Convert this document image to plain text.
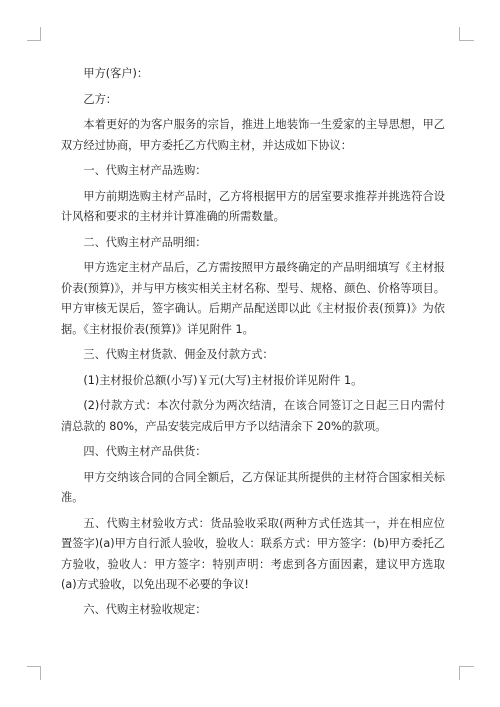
甲方(客户)：

乙方：

本着更好的为客户服务的宗旨，推进上地装饰一生爱家的主导思想，甲乙双方经过协商，甲方委托乙方代购主材，并达成如下协议：

一、代购主材产品选购：

甲方前期选购主材产品时，乙方将根据甲方的居室要求推荐并挑选符合设计风格和要求的主材并计算准确的所需数量。

二、代购主材产品明细：

甲方选定主材产品后，乙方需按照甲方最终确定的产品明细填写《主材报价表(预算)》，并与甲方核实相关主材名称、型号、规格、颜色、价格等项目。甲方审核无误后，签字确认。后期产品配送即以此《主材报价表(预算)》为依据。《主材报价表(预算)》详见附件 1。

三、代购主材货款、佣金及付款方式：

(1)主材报价总额(小写)￥元(大写)主材报价详见附件 1。

(2)付款方式：本次付款分为两次结清，在该合同签订之日起三日内需付清总款的 80%，产品安装完成后甲方予以结清余下 20%的款项。

四、代购主材产品供货：

甲方交纳该合同的合同全额后，乙方保证其所提供的主材符合国家相关标准。

五、代购主材验收方式：货品验收采取(两种方式任选其一，并在相应位置签字)(a)甲方自行派人验收，验收人：联系方式：甲方签字：(b)甲方委托乙方验收，验收人：甲方签字：特别声明：考虑到各方面因素，建议甲方选取(a)方式验收，以免出现不必要的争议!

六、代购主材验收规定：
